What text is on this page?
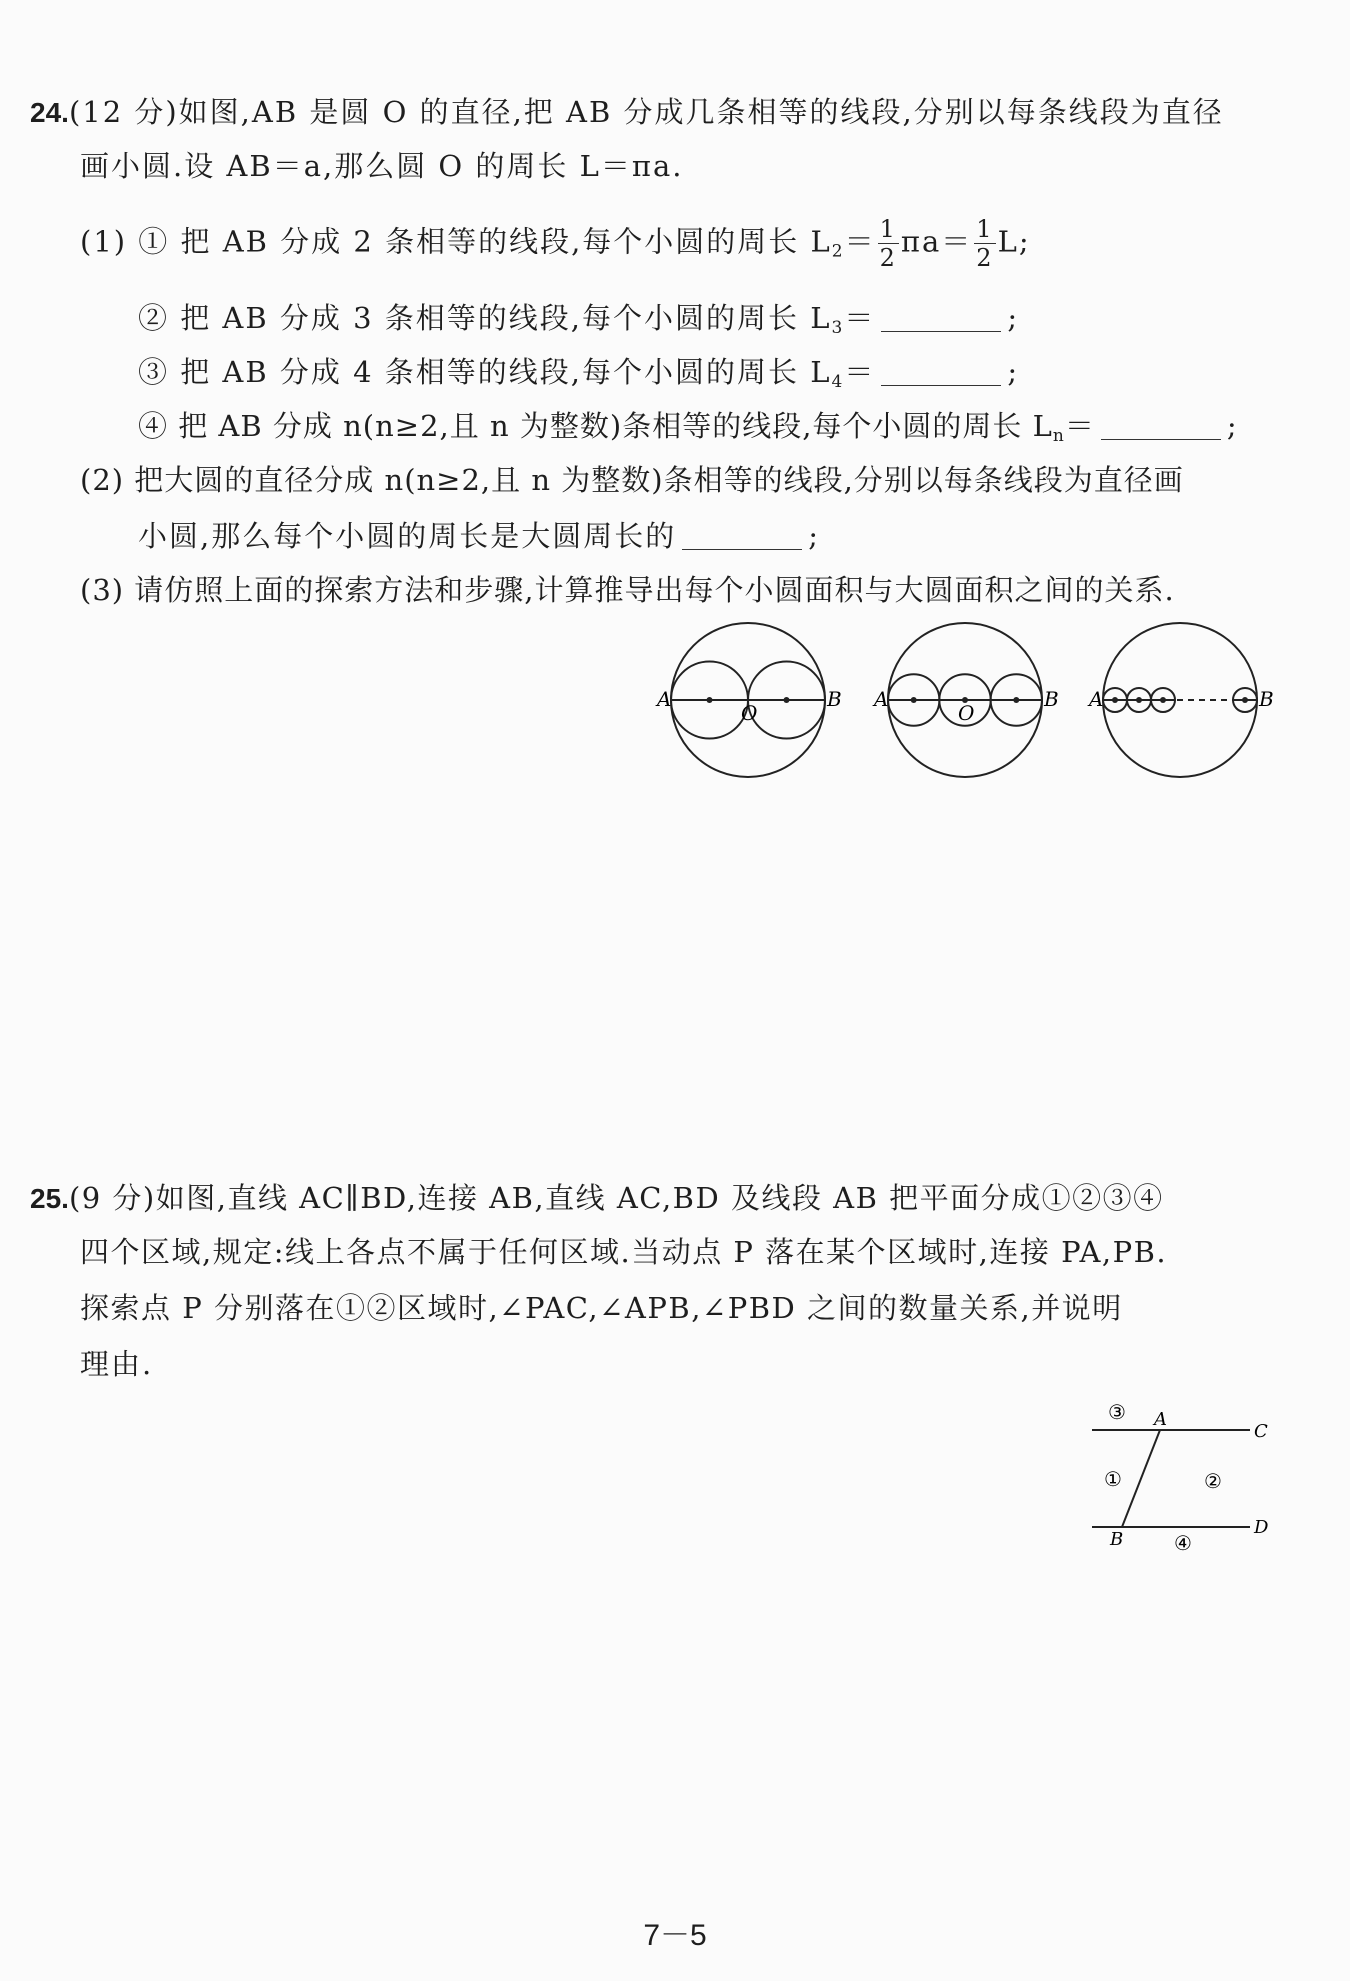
24.(12 分)如图,AB 是圆 O 的直径,把 AB 分成几条相等的线段,分别以每条线段为直径
画小圆.设 AB＝a,那么圆 O 的周长 L＝πa.
(1) ① 把 AB 分成 2 条相等的线段,每个小圆的周长 $L_2= \frac{1}{2} \pi a= \frac{1}{2} L$;
② 把 AB 分成 3 条相等的线段,每个小圆的周长 $L_3=$	;
③ 把 AB 分成 4 条相等的线段,每个小圆的周长 $L_4=$	;
④ 把 AB 分成 n(n≥2,且 n 为整数)条相等的线段,每个小圆的周长 $L_n=$	;
(2) 把大圆的直径分成 n(n≥2,且 n 为整数)条相等的线段,分别以每条线段为直径画
小圆,那么每个小圆的周长是大圆周长的	;
(3) 请仿照上面的探索方法和步骤,计算推导出每个小圆面积与大圆面积之间的关系.
A	B
O
A	B
O
A	B
25.(9 分)如图,直线 AC∥BD,连接 AB,直线 AC,BD 及线段 AB 把平面分成①②③④
四个区域,规定:线上各点不属于任何区域.当动点 P 落在某个区域时,连接 PA,PB.
探索点 P 分别落在①②区域时,∠PAC,∠APB,∠PBD 之间的数量关系,并说明
理由.
A
C
B
D
③
①	②
④
7－5
